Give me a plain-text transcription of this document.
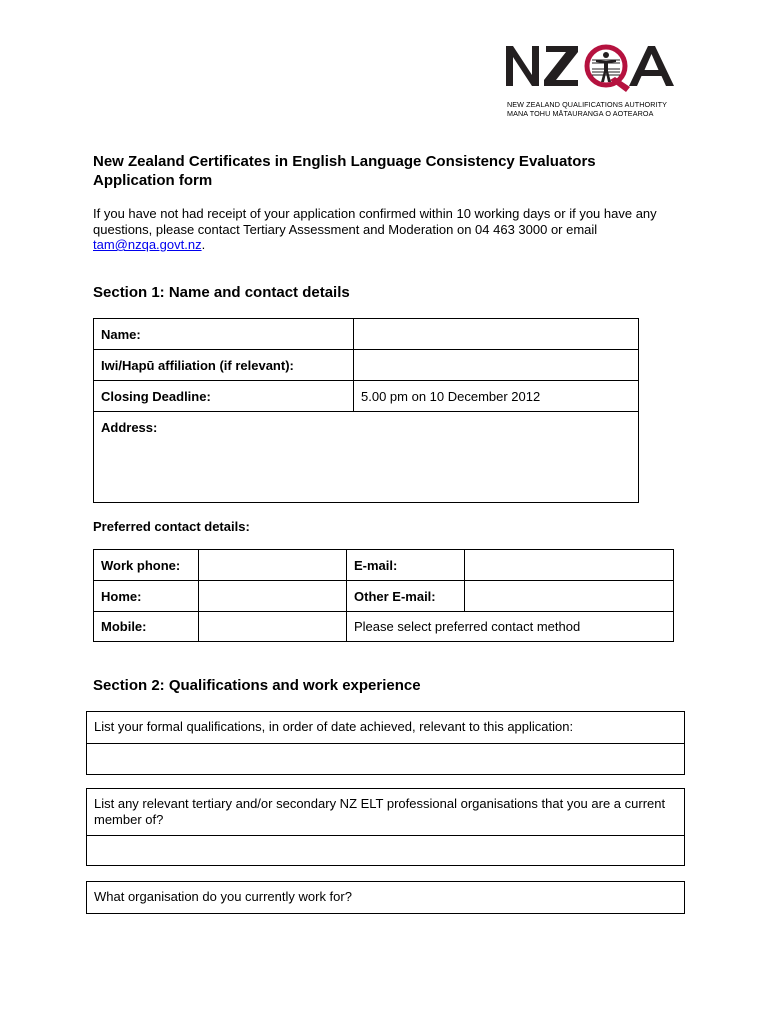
NEW ZEALAND QUALIFICATIONS AUTHORITY
MANA TOHU MĀTAURANGA O AOTEAROA
New Zealand Certificates in English Language Consistency Evaluators
Application form
If you have not had receipt of your application confirmed within 10 working days or if you have any questions, please contact Tertiary Assessment and Moderation on 04 463 3000 or email tam@nzqa.govt.nz.
Section 1: Name and contact details
Name:	
Iwi/Hapū affiliation (if relevant):	
Closing Deadline:	5.00 pm on 10 December 2012
Address:	
Preferred contact details:
Work phone:		E-mail:	
Home:		Other E-mail:	
Mobile:		Please select preferred contact method	
Section 2: Qualifications and work experience
List your formal qualifications, in order of date achieved, relevant to this application:

List any relevant tertiary and/or secondary NZ ELT professional organisations that you are a current member of?

What organisation do you currently work for?
